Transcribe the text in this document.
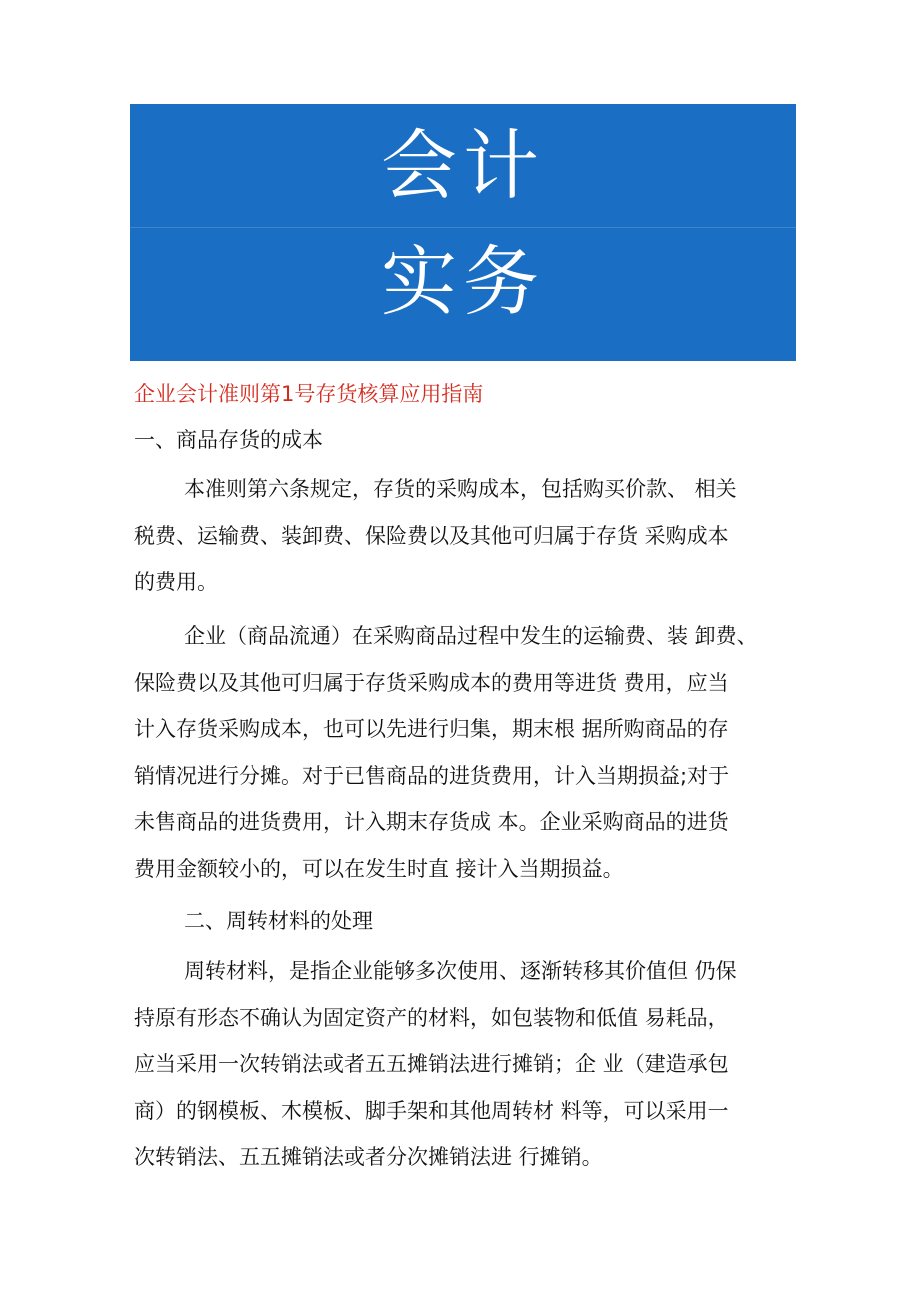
会计
实务
企业会计准则第1号存货核算应用指南
一、商品存货的成本
本准则第六条规定，存货的采购成本，包括购买价款、 相关
税费、运输费、装卸费、保险费以及其他可归属于存货 采购成本
的费用。
企业（商品流通）在采购商品过程中发生的运输费、装 卸费、
保险费以及其他可归属于存货采购成本的费用等进货 费用，应当
计入存货采购成本，也可以先进行归集，期末根 据所购商品的存
销情况进行分摊。对于已售商品的进货费用，计入当期损益;对于
未售商品的进货费用，计入期末存货成 本。企业采购商品的进货
费用金额较小的，可以在发生时直 接计入当期损益。
二、周转材料的处理
周转材料，是指企业能够多次使用、逐渐转移其价值但 仍保
持原有形态不确认为固定资产的材料，如包装物和低值 易耗品，
应当采用一次转销法或者五五摊销法进行摊销；企 业（建造承包
商）的钢模板、木模板、脚手架和其他周转材 料等，可以采用一
次转销法、五五摊销法或者分次摊销法进 行摊销。
